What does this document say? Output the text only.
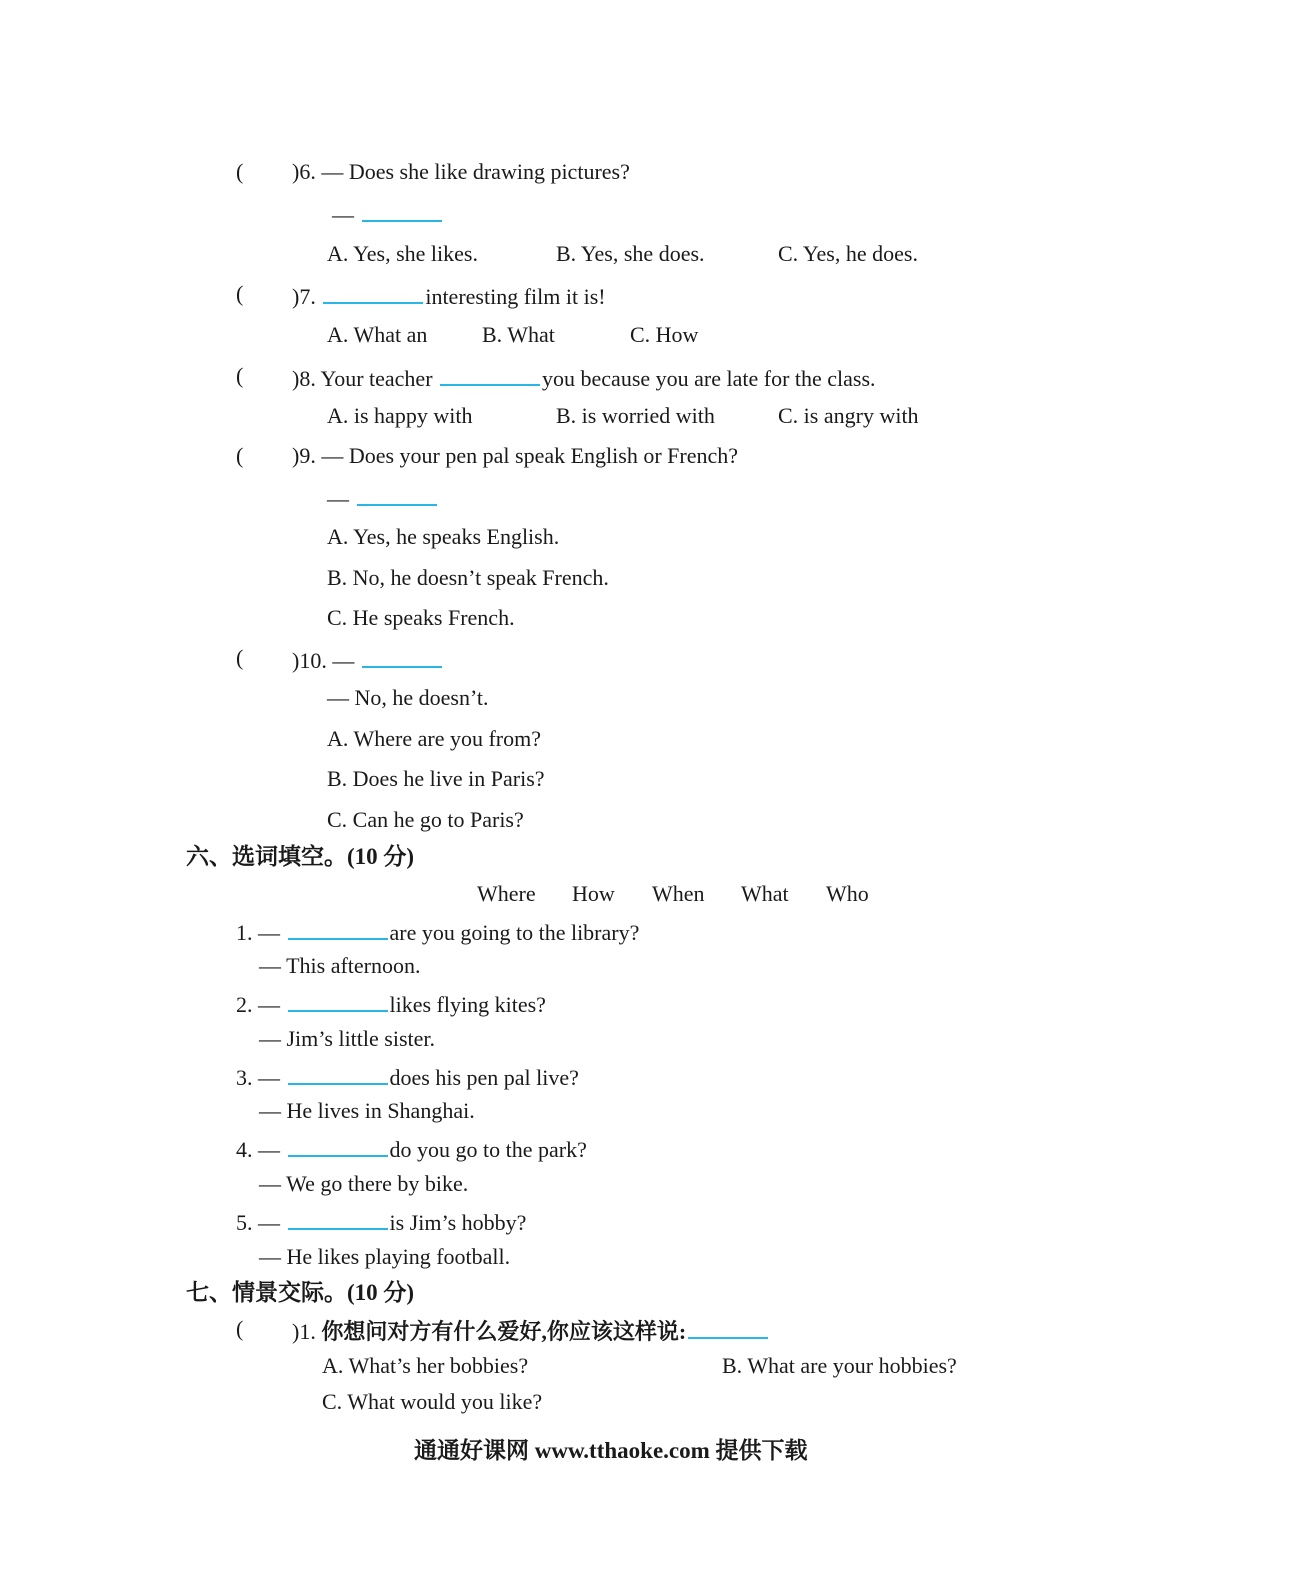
( )6. — Does she like drawing pictures?
—
A. Yes, she likes.	B. Yes, she does.	C. Yes, he does.
( )7.	interesting film it is!
A. What an B. What	C. How
( )8. Your teacher	you because you are late for the class.
A. is happy with	B. is worried with	C. is angry with
( )9. — Does your pen pal speak English or French?
—
A. Yes, he speaks English.
B. No, he doesn’t speak French.
C. He speaks French.
( )10. —
— No, he doesn’t.
A. Where are you from?
B. Does he live in Paris?
C. Can he go to Paris?
六、选词填空。(10 分)
Where How When What Who
1. —	are you going to the library?
— This afternoon.
2. —	likes flying kites?
— Jim’s little sister.
3. —	does his pen pal live?
— He lives in Shanghai.
4. —	do you go to the park?
— We go there by bike.
5. —	is Jim’s hobby?
— He likes playing football.
七、情景交际。(10 分)
( )1. 你想问对方有什么爱好,你应该这样说:
A. What’s her bobbies?	B. What are your hobbies?
C. What would you like?
通通好课网 www.tthaoke.com 提供下载
